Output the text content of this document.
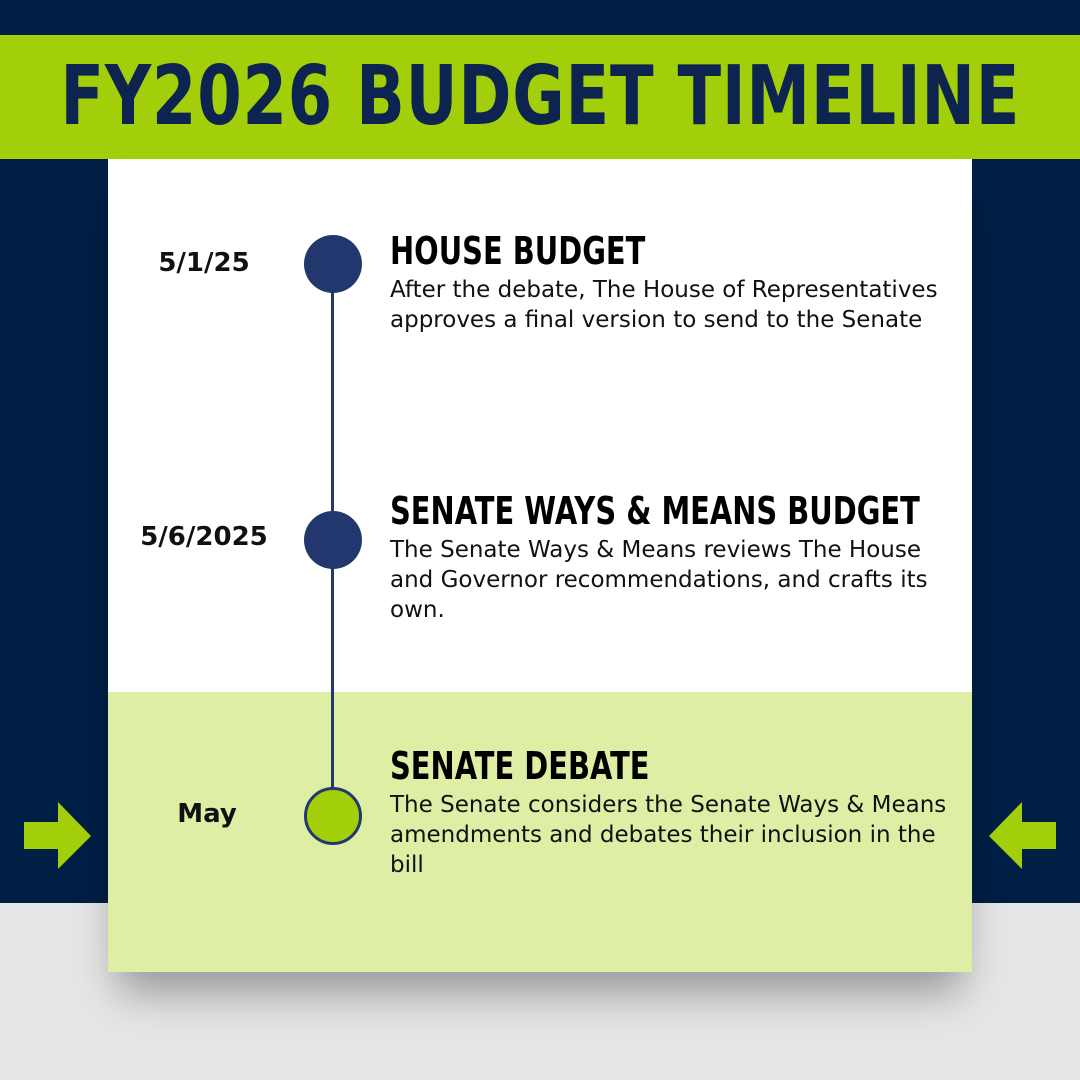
FY2026 BUDGET TIMELINE
5/1/25	HOUSE BUDGET
After the debate, The House of Representatives approves a final version to send to the Senate
5/6/2025
SENATE WAYS & MEANS BUDGET
The Senate Ways & Means reviews The House and Governor recommendations, and crafts its own.
May
SENATE DEBATE
The Senate considers the Senate Ways & Means amendments and debates their inclusion in the bill
